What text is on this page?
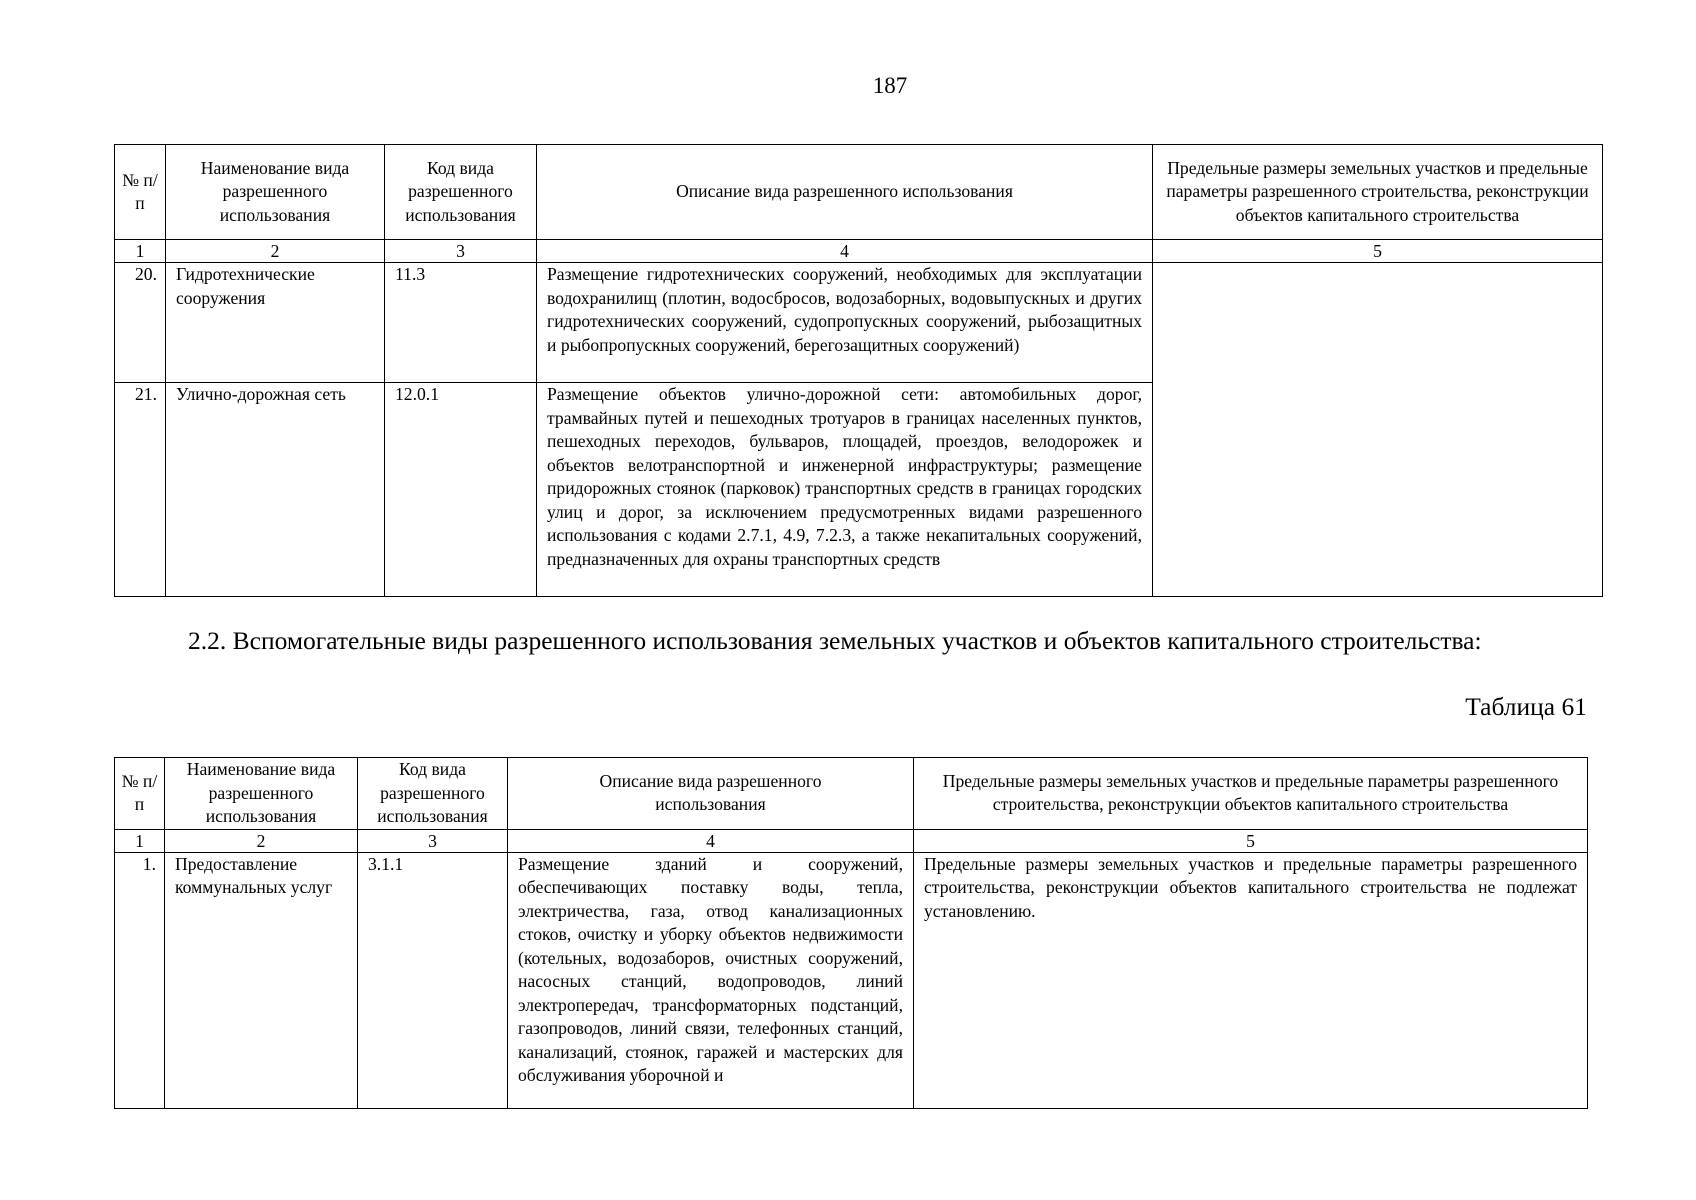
187
№ п/п	Наименование вида разрешенного использования	Код вида разрешенного использования	Описание вида разрешенного использования	Предельные размеры земельных участков и предельные параметры разрешенного строительства, реконструкции объектов капитального строительства
1	2	3	4	5
20.	Гидротехнические сооружения	11.3	Размещение гидротехнических сооружений, необходимых для эксплуатации водохранилищ (плотин, водосбросов, водозаборных, водовыпускных и других гидротехнических сооружений, судопропускных сооружений, рыбозащитных и рыбопропускных сооружений, берегозащитных сооружений)	
21.	Улично-дорожная сеть	12.0.1	Размещение объектов улично-дорожной сети: автомобильных дорог, трамвайных путей и пешеходных тротуаров в границах населенных пунктов, пешеходных переходов, бульваров, площадей, проездов, велодорожек и объектов велотранспортной и инженерной инфраструктуры; размещение придорожных стоянок (парковок) транспортных средств в границах городских улиц и дорог, за исключением предусмотренных видами разрешенного использования с кодами 2.7.1, 4.9, 7.2.3, а также некапитальных сооружений, предназначенных для охраны транспортных средств	
2.2. Вспомогательные виды разрешенного использования земельных участков и объектов капитального строительства:
Таблица 61
№ п/п	Наименование вида разрешенного использования	Код вида разрешенного использования	Описание вида разрешенного использования	Предельные размеры земельных участков и предельные параметры разрешенного строительства, реконструкции объектов капитального строительства
1	2	3	4	5
1.	Предоставление коммунальных услуг	3.1.1	Размещение зданий и сооружений, обеспечивающих поставку воды, тепла, электричества, газа, отвод канализационных стоков, очистку и уборку объектов недвижимости (котельных, водозаборов, очистных сооружений, насосных станций, водопроводов, линий электропередач, трансформаторных подстанций, газопроводов, линий связи, телефонных станций, канализаций, стоянок, гаражей и мастерских для обслуживания уборочной и	Предельные размеры земельных участков и предельные параметры разрешенного строительства, реконструкции объектов капитального строительства не подлежат установлению.
